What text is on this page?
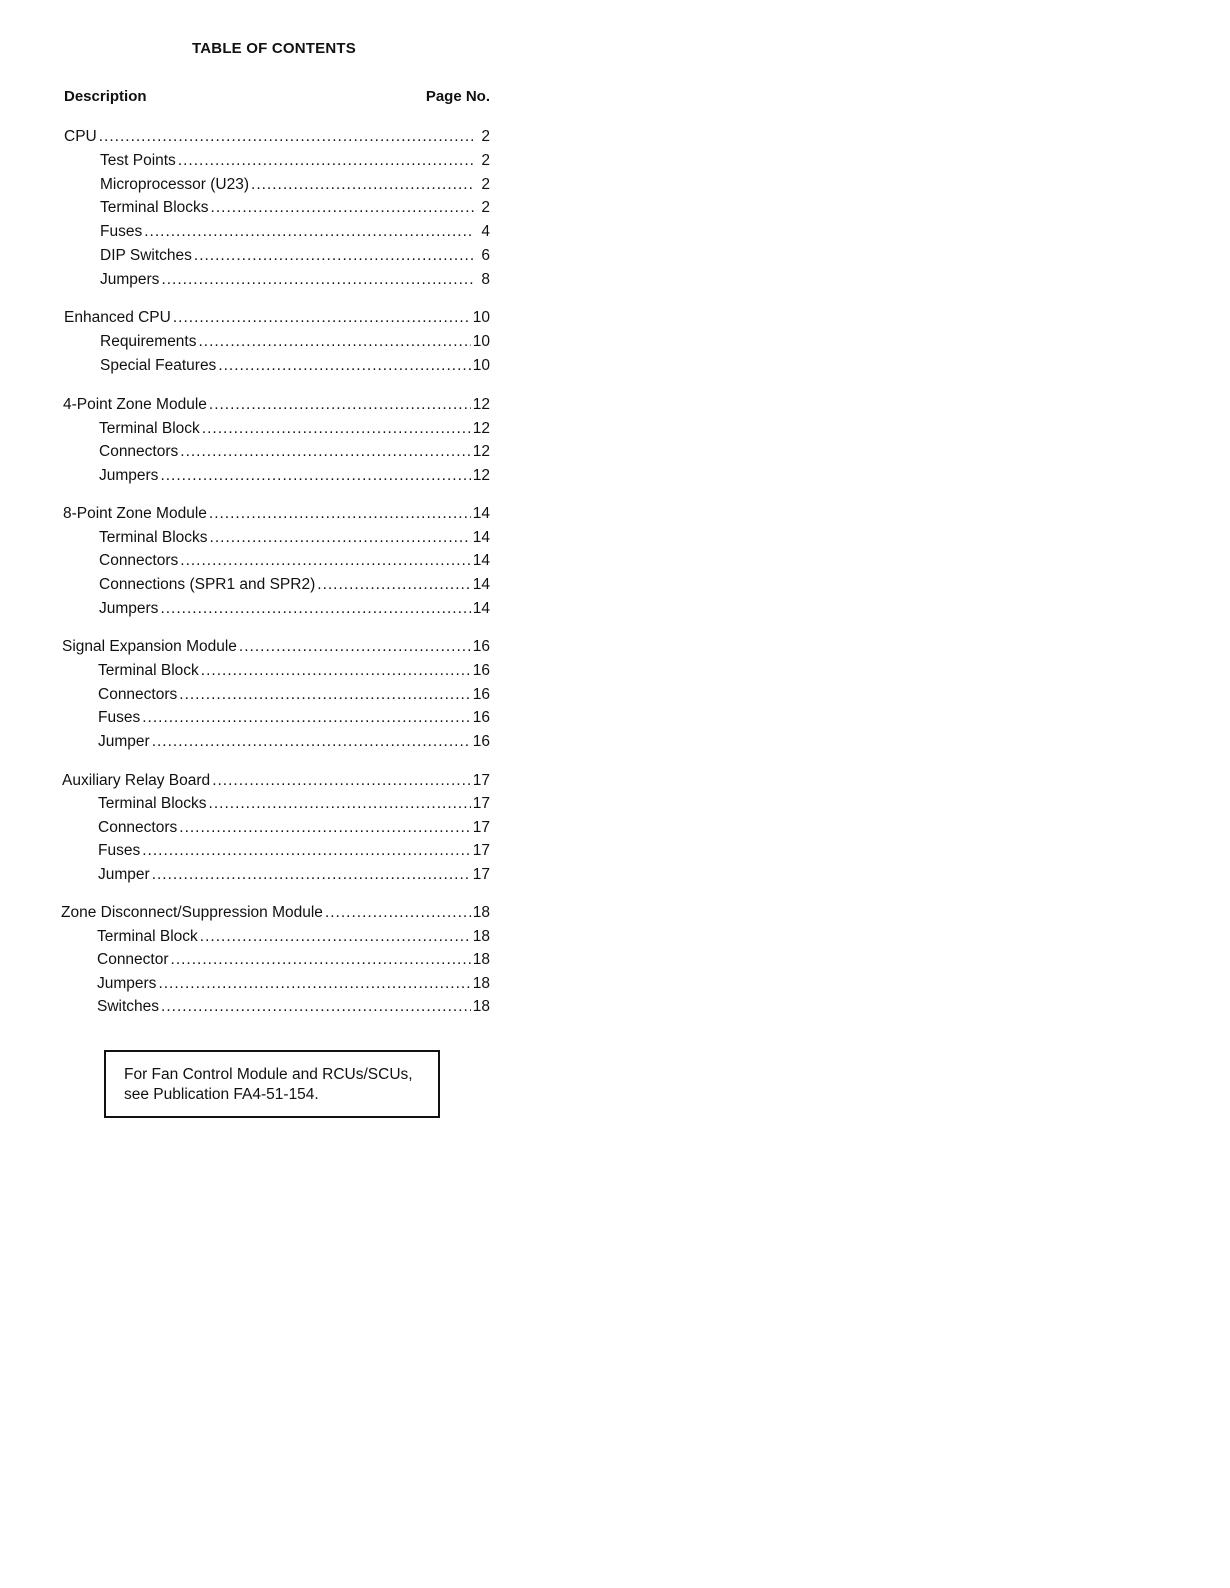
TABLE OF CONTENTS
Description	Page No.
CPU .....	2
Test Points .....	2
Microprocessor (U23) .....	2
Terminal Blocks .....	2
Fuses .....	4
DIP Switches .....	6
Jumpers .....	8
Enhanced CPU .....	10
Requirements .....	10
Special Features .....	10
4-Point Zone Module .....	12
Terminal Block .....	12
Connectors .....	12
Jumpers .....	12
8-Point Zone Module .....	14
Terminal Blocks .....	14
Connectors .....	14
Connections (SPR1 and SPR2) .....	14
Jumpers .....	14
Signal Expansion Module .....	16
Terminal Block .....	16
Connectors .....	16
Fuses .....	16
Jumper .....	16
Auxiliary Relay Board .....	17
Terminal Blocks .....	17
Connectors .....	17
Fuses .....	17
Jumper .....	17
Zone Disconnect/Suppression Module .....	18
Terminal Block .....	18
Connector .....	18
Jumpers .....	18
Switches .....	18

For Fan Control Module and RCUs/SCUs,

see Publication FA4-51-154.
